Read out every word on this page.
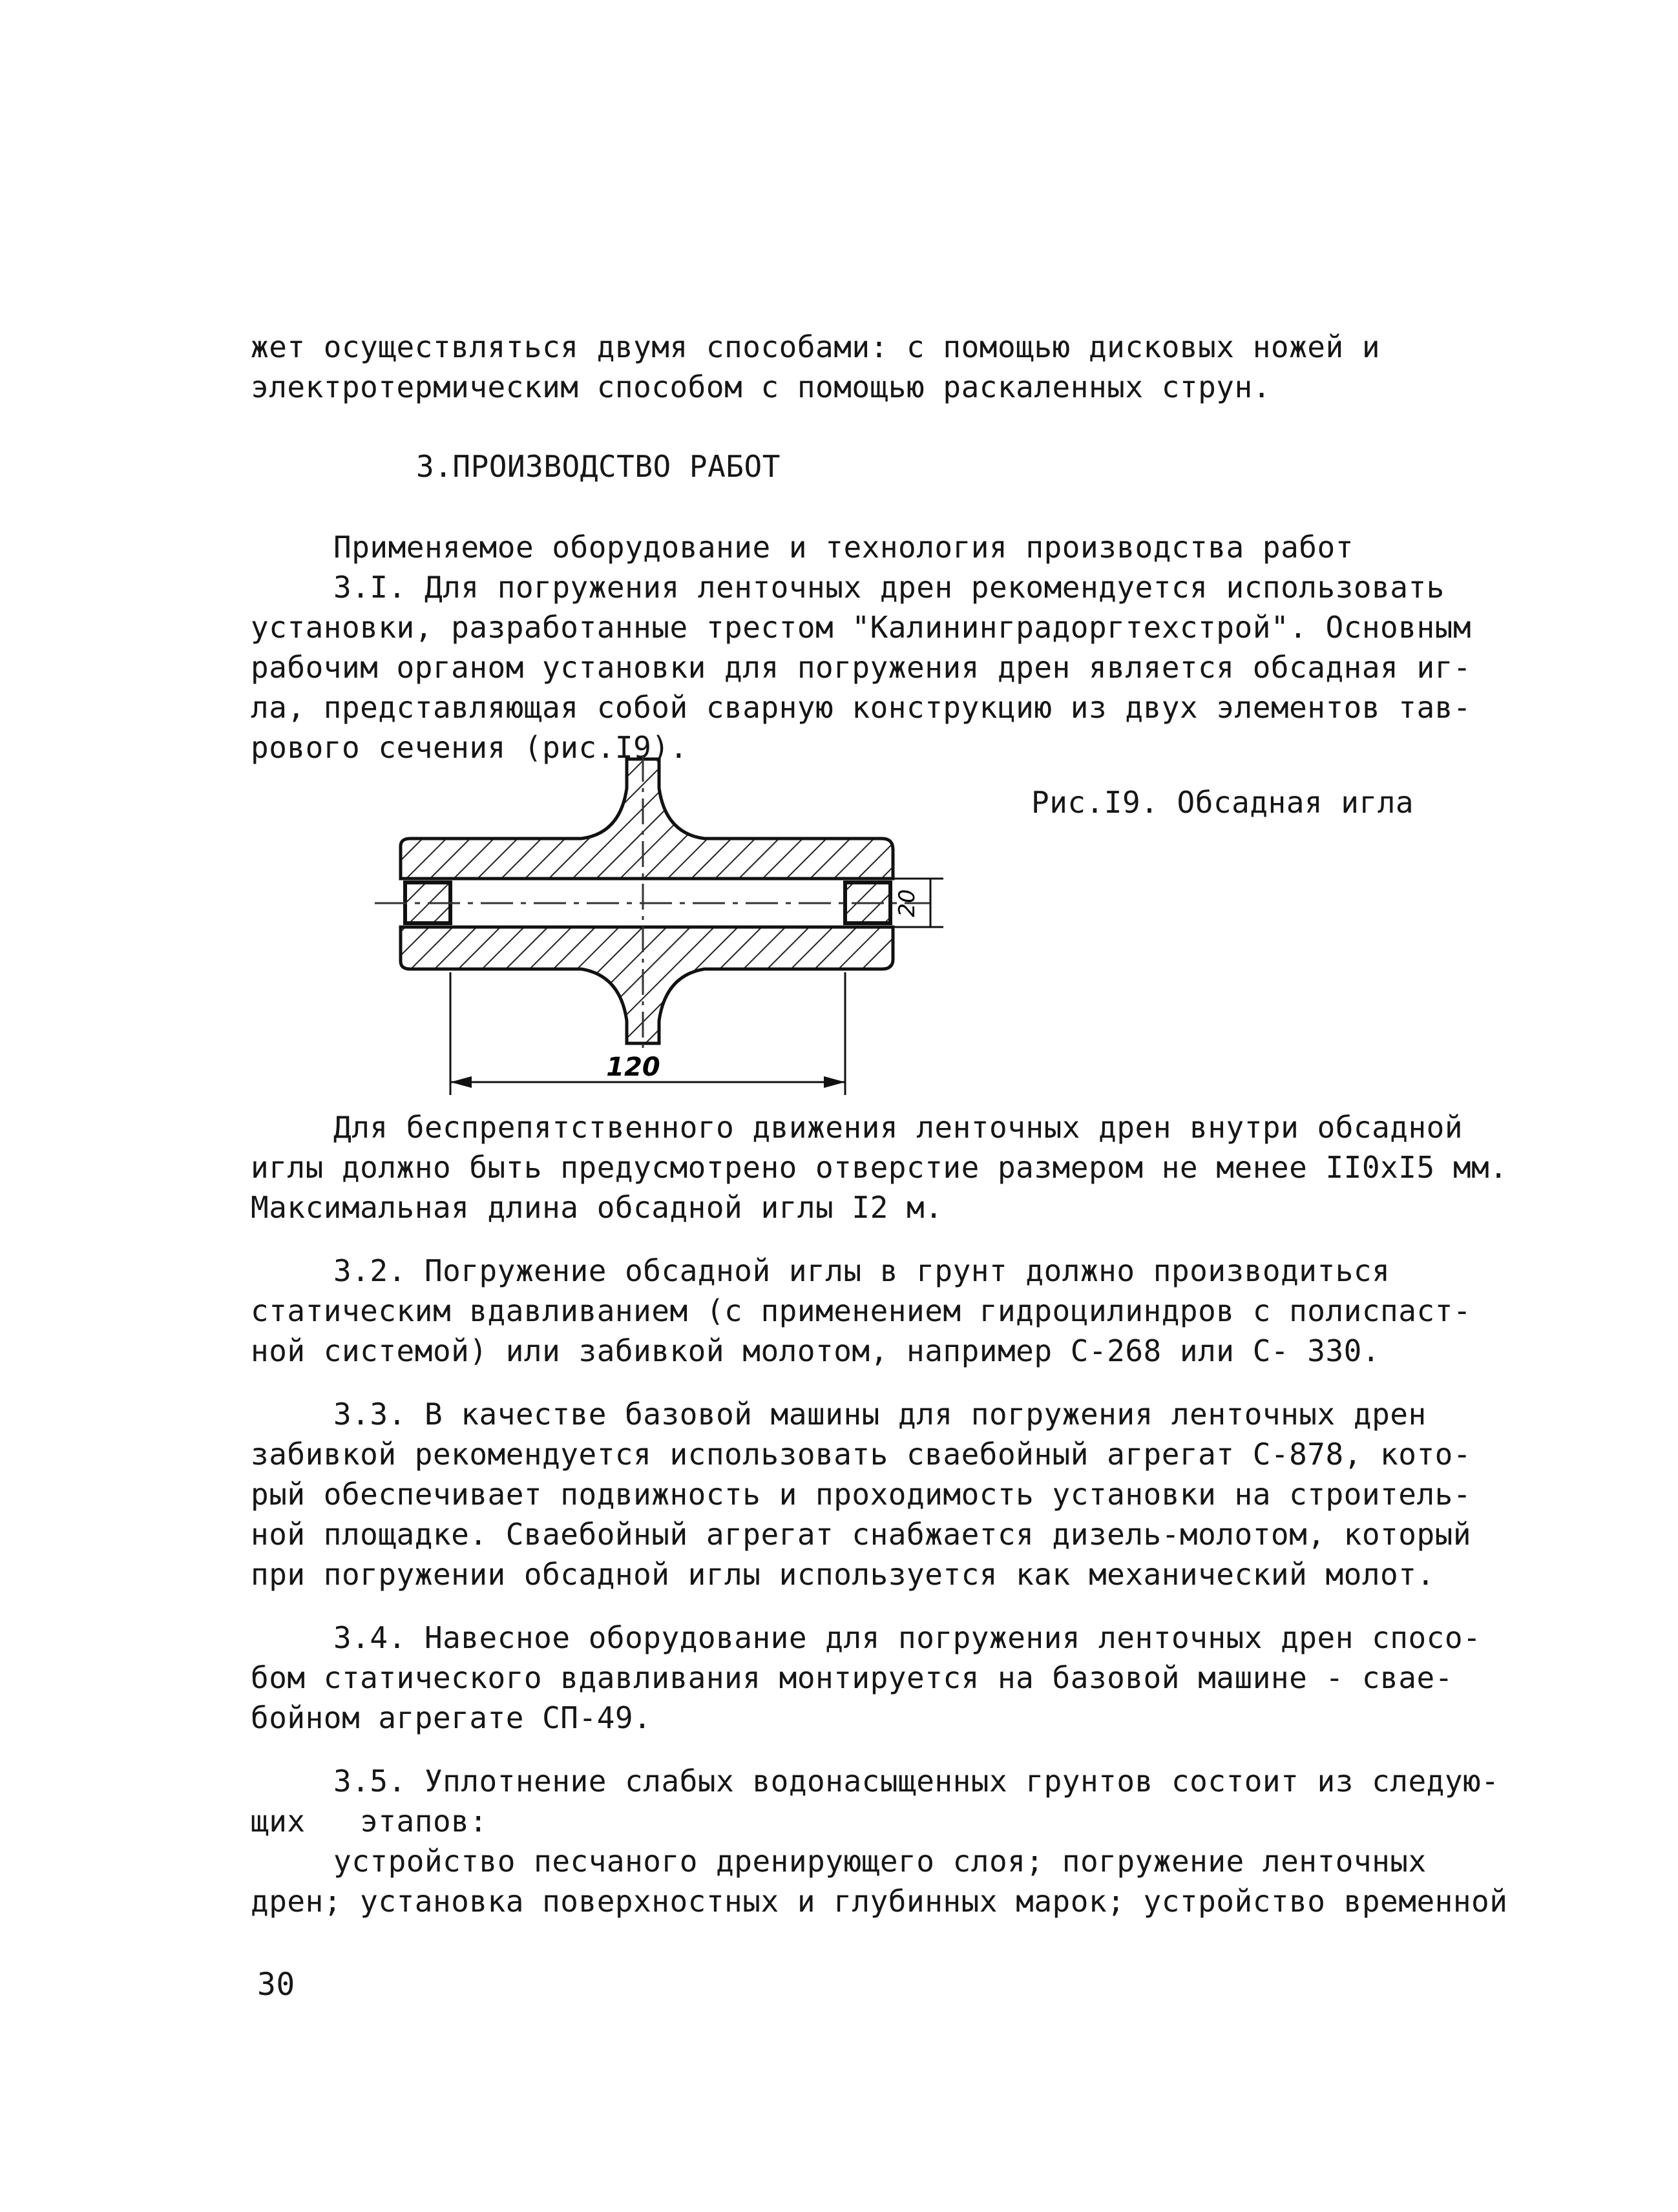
жет осуществляться двумя способами: с помощью дисковых ножей и
электротермическим способом с помощью раскаленных струн.
3.ПРОИЗВОДСТВО РАБОТ
Применяемое оборудование и технология производства работ
3.I. Для погружения ленточных дрен рекомендуется использовать
установки, разработанные трестом "Калининградоргтехстрой". Основным
рабочим органом установки для погружения дрен является обсадная иг-
ла, представляющая собой сварную конструкцию из двух элементов тав-
рового сечения (рис.I9).
Рис.I9. Обсадная игла
20
120
Для беспрепятственного движения ленточных дрен внутри обсадной
иглы должно быть предусмотрено отверстие размером не менее II0xI5 мм.
Максимальная длина обсадной иглы I2 м.
3.2. Погружение обсадной иглы в грунт должно производиться
статическим вдавливанием (с применением гидроцилиндров с полиспаст-
ной системой) или забивкой молотом, например С-268 или С- 330.
3.3. В качестве базовой машины для погружения ленточных дрен
забивкой рекомендуется использовать сваебойный агрегат С-878, кото-
рый обеспечивает подвижность и проходимость установки на строитель-
ной площадке. Сваебойный агрегат снабжается дизель-молотом, который
при погружении обсадной иглы используется как механический молот.
3.4. Навесное оборудование для погружения ленточных дрен спосо-
бом статического вдавливания монтируется на базовой машине - свае-
бойном агрегате СП-49.
3.5. Уплотнение слабых водонасыщенных грунтов состоит из следую-
щих   этапов:
устройство песчаного дренирующего слоя; погружение ленточных
дрен; установка поверхностных и глубинных марок; устройство временной
30
